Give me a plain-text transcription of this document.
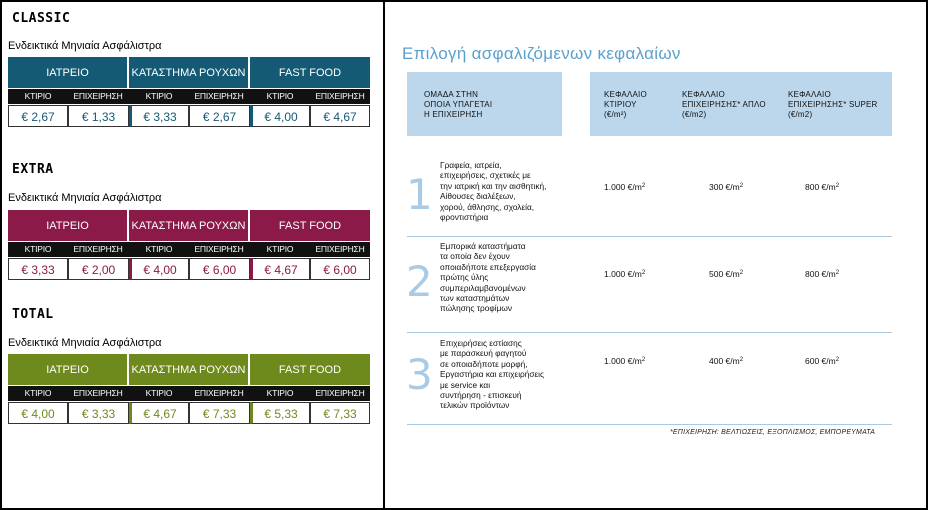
CLASSIC
Ενδεικτικά Μηνιαία Ασφάλιστρα
ΙΑΤΡΕΙΟ	ΚΑΤΑΣΤΗΜΑ ΡΟΥΧΩΝ	FAST FOOD
ΚΤΙΡΙΟ	ΕΠΙΧΕΙΡΗΣΗ	ΚΤΙΡΙΟ	ΕΠΙΧΕΙΡΗΣΗ	ΚΤΙΡΙΟ	ΕΠΙΧΕΙΡΗΣΗ
€ 2,67	€ 1,33	€ 3,33	€ 2,67	€ 4,00	€ 4,67
EXTRA
Ενδεικτικά Μηνιαία Ασφάλιστρα
ΙΑΤΡΕΙΟ	ΚΑΤΑΣΤΗΜΑ ΡΟΥΧΩΝ	FAST FOOD
ΚΤΙΡΙΟ	ΕΠΙΧΕΙΡΗΣΗ	ΚΤΙΡΙΟ	ΕΠΙΧΕΙΡΗΣΗ	ΚΤΙΡΙΟ	ΕΠΙΧΕΙΡΗΣΗ
€ 3,33	€ 2,00	€ 4,00	€ 6,00	€ 4,67	€ 6,00
TOTAL
Ενδεικτικά Μηνιαία Ασφάλιστρα
ΙΑΤΡΕΙΟ	ΚΑΤΑΣΤΗΜΑ ΡΟΥΧΩΝ	FAST FOOD
ΚΤΙΡΙΟ	ΕΠΙΧΕΙΡΗΣΗ	ΚΤΙΡΙΟ	ΕΠΙΧΕΙΡΗΣΗ	ΚΤΙΡΙΟ	ΕΠΙΧΕΙΡΗΣΗ
€ 4,00	€ 3,33	€ 4,67	€ 7,33	€ 5,33	€ 7,33
Επιλογή ασφαλιζόμενων κεφαλαίων
ΟΜΑΔΑ ΣΤΗΝ
ΟΠΟΙΑ ΥΠΑΓΕΤΑΙ
Η ΕΠΙΧΕΙΡΗΣΗ
ΚΕΦΑΛΑΙΟ
ΚΤΙΡΙΟΥ
(€/m²)
ΚΕΦΑΛΑΙΟ
ΕΠΙΧΕΙΡΗΣΗΣ* ΑΠΛΟ
(€/m2)
ΚΕΦΑΛΑΙΟ
ΕΠΙΧΕΙΡΗΣΗΣ* SUPER
(€/m2)
1
Γραφεία, ιατρεία,
επιχειρήσεις, σχετικές με
την ιατρική και την αισθητική,
Αίθουσες διαλέξεων,
χορού, άθλησης, σχολεία,
φροντιστήρια
1.000 $€/m^2$	300 $€/m^2$	800 $€/m^2$
2
Εμπορικά καταστήματα
τα οποία δεν έχουν
οποιαδήποτε επεξεργασία
πρώτης ύλης
συμπεριλαμβανομένων
των καταστημάτων
πώλησης τροφίμων
1.000 $€/m^2$	500 $€/m^2$	800 $€/m^2$
3
Επιχειρήσεις εστίασης
με παρασκευή φαγητού
σε οποιαδήποτε μορφή,
Εργαστήρια και επιχειρήσεις
με service και
συντήρηση - επισκευή
τελικών προϊόντων
1.000 $€/m^2$	400 $€/m^2$	600 $€/m^2$
*ΕΠΙΧΕΙΡΗΣΗ: ΒΕΛΤΙΩΣΕΙΣ, ΕΞΟΠΛΙΣΜΟΣ, ΕΜΠΟΡΕΥΜΑΤΑ
